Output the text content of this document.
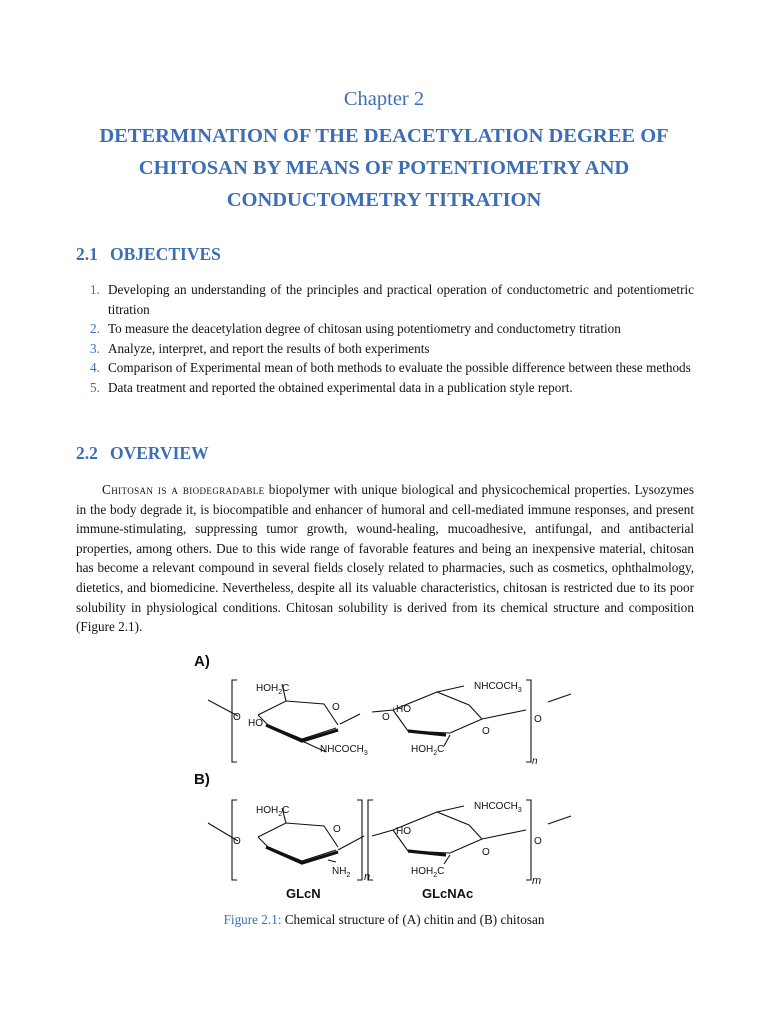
Chapter 2
DETERMINATION OF THE DEACETYLATION DEGREE OF
CHITOSAN BY MEANS OF POTENTIOMETRY AND
CONDUCTOMETRY TITRATION
2.1 OBJECTIVES
1. Developing an understanding of the principles and practical operation of conductometric and potentiometric titration
2. To measure the deacetylation degree of chitosan using potentiometry and conductometry titration
3. Analyze, interpret, and report the results of both experiments
4. Comparison of Experimental mean of both methods to evaluate the possible difference between these methods
5. Data treatment and reported the obtained experimental data in a publication style report.
2.2 OVERVIEW

Chitosan is a biodegradable biopolymer with unique biological and physicochemical properties. Lysozymes in the body degrade it, is biocompatible and enhancer of humoral and cell-mediated immune responses, and present immune-stimulating, suppressing tumor growth, wound-healing, mucoadhesive, antifungal, and antibacterial properties, among others. Due to this wide range of favorable features and being an inexpensive material, chitosan has become a relevant compound in several fields closely related to pharmacies, such as cosmetics, ophthalmology, dietetics, and biomedicine. Nevertheless, despite all its valuable characteristics, chitosan is restricted due to its poor solubility in physiological conditions. Chitosan solubility is derived from its chemical structure and composition (Figure 2.1).

A)
$HOH_2C$
O
O
HO
O
$NHCOCH_3$
HO
$HOH_2C$
$NHCOCH_3$
O
O
n
B)
$HOH_2C$
O
O
$NH_2$ n
HO
$HOH_2C$
$NHCOCH_3$
O
O
m
GLcN	GLcNAc
Figure 2.1: Chemical structure of (A) chitin and (B) chitosan
